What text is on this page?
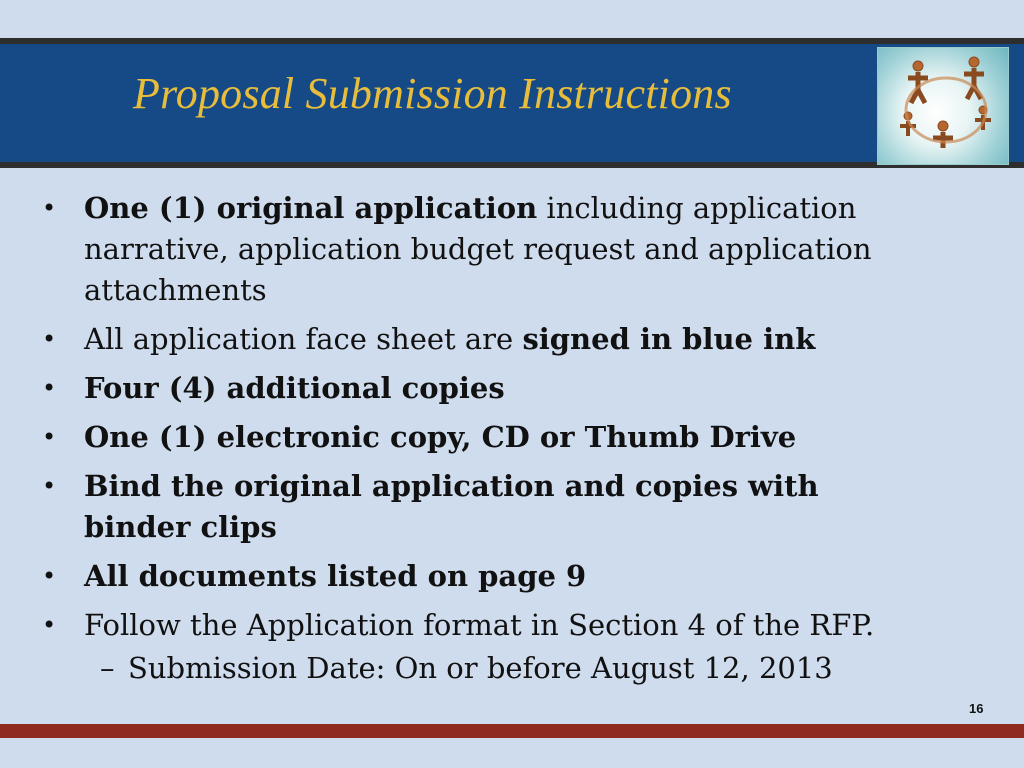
Proposal Submission Instructions
• One (1) original application including application narrative, application budget request and application attachments
• All application face sheet are signed in blue ink
• Four (4) additional copies
• One (1) electronic copy, CD or Thumb Drive
• Bind the original application and copies with binder clips
• All documents listed on page 9
• Follow the Application format in Section 4 of the RFP.
– Submission Date: On or before August 12, 2013
16
